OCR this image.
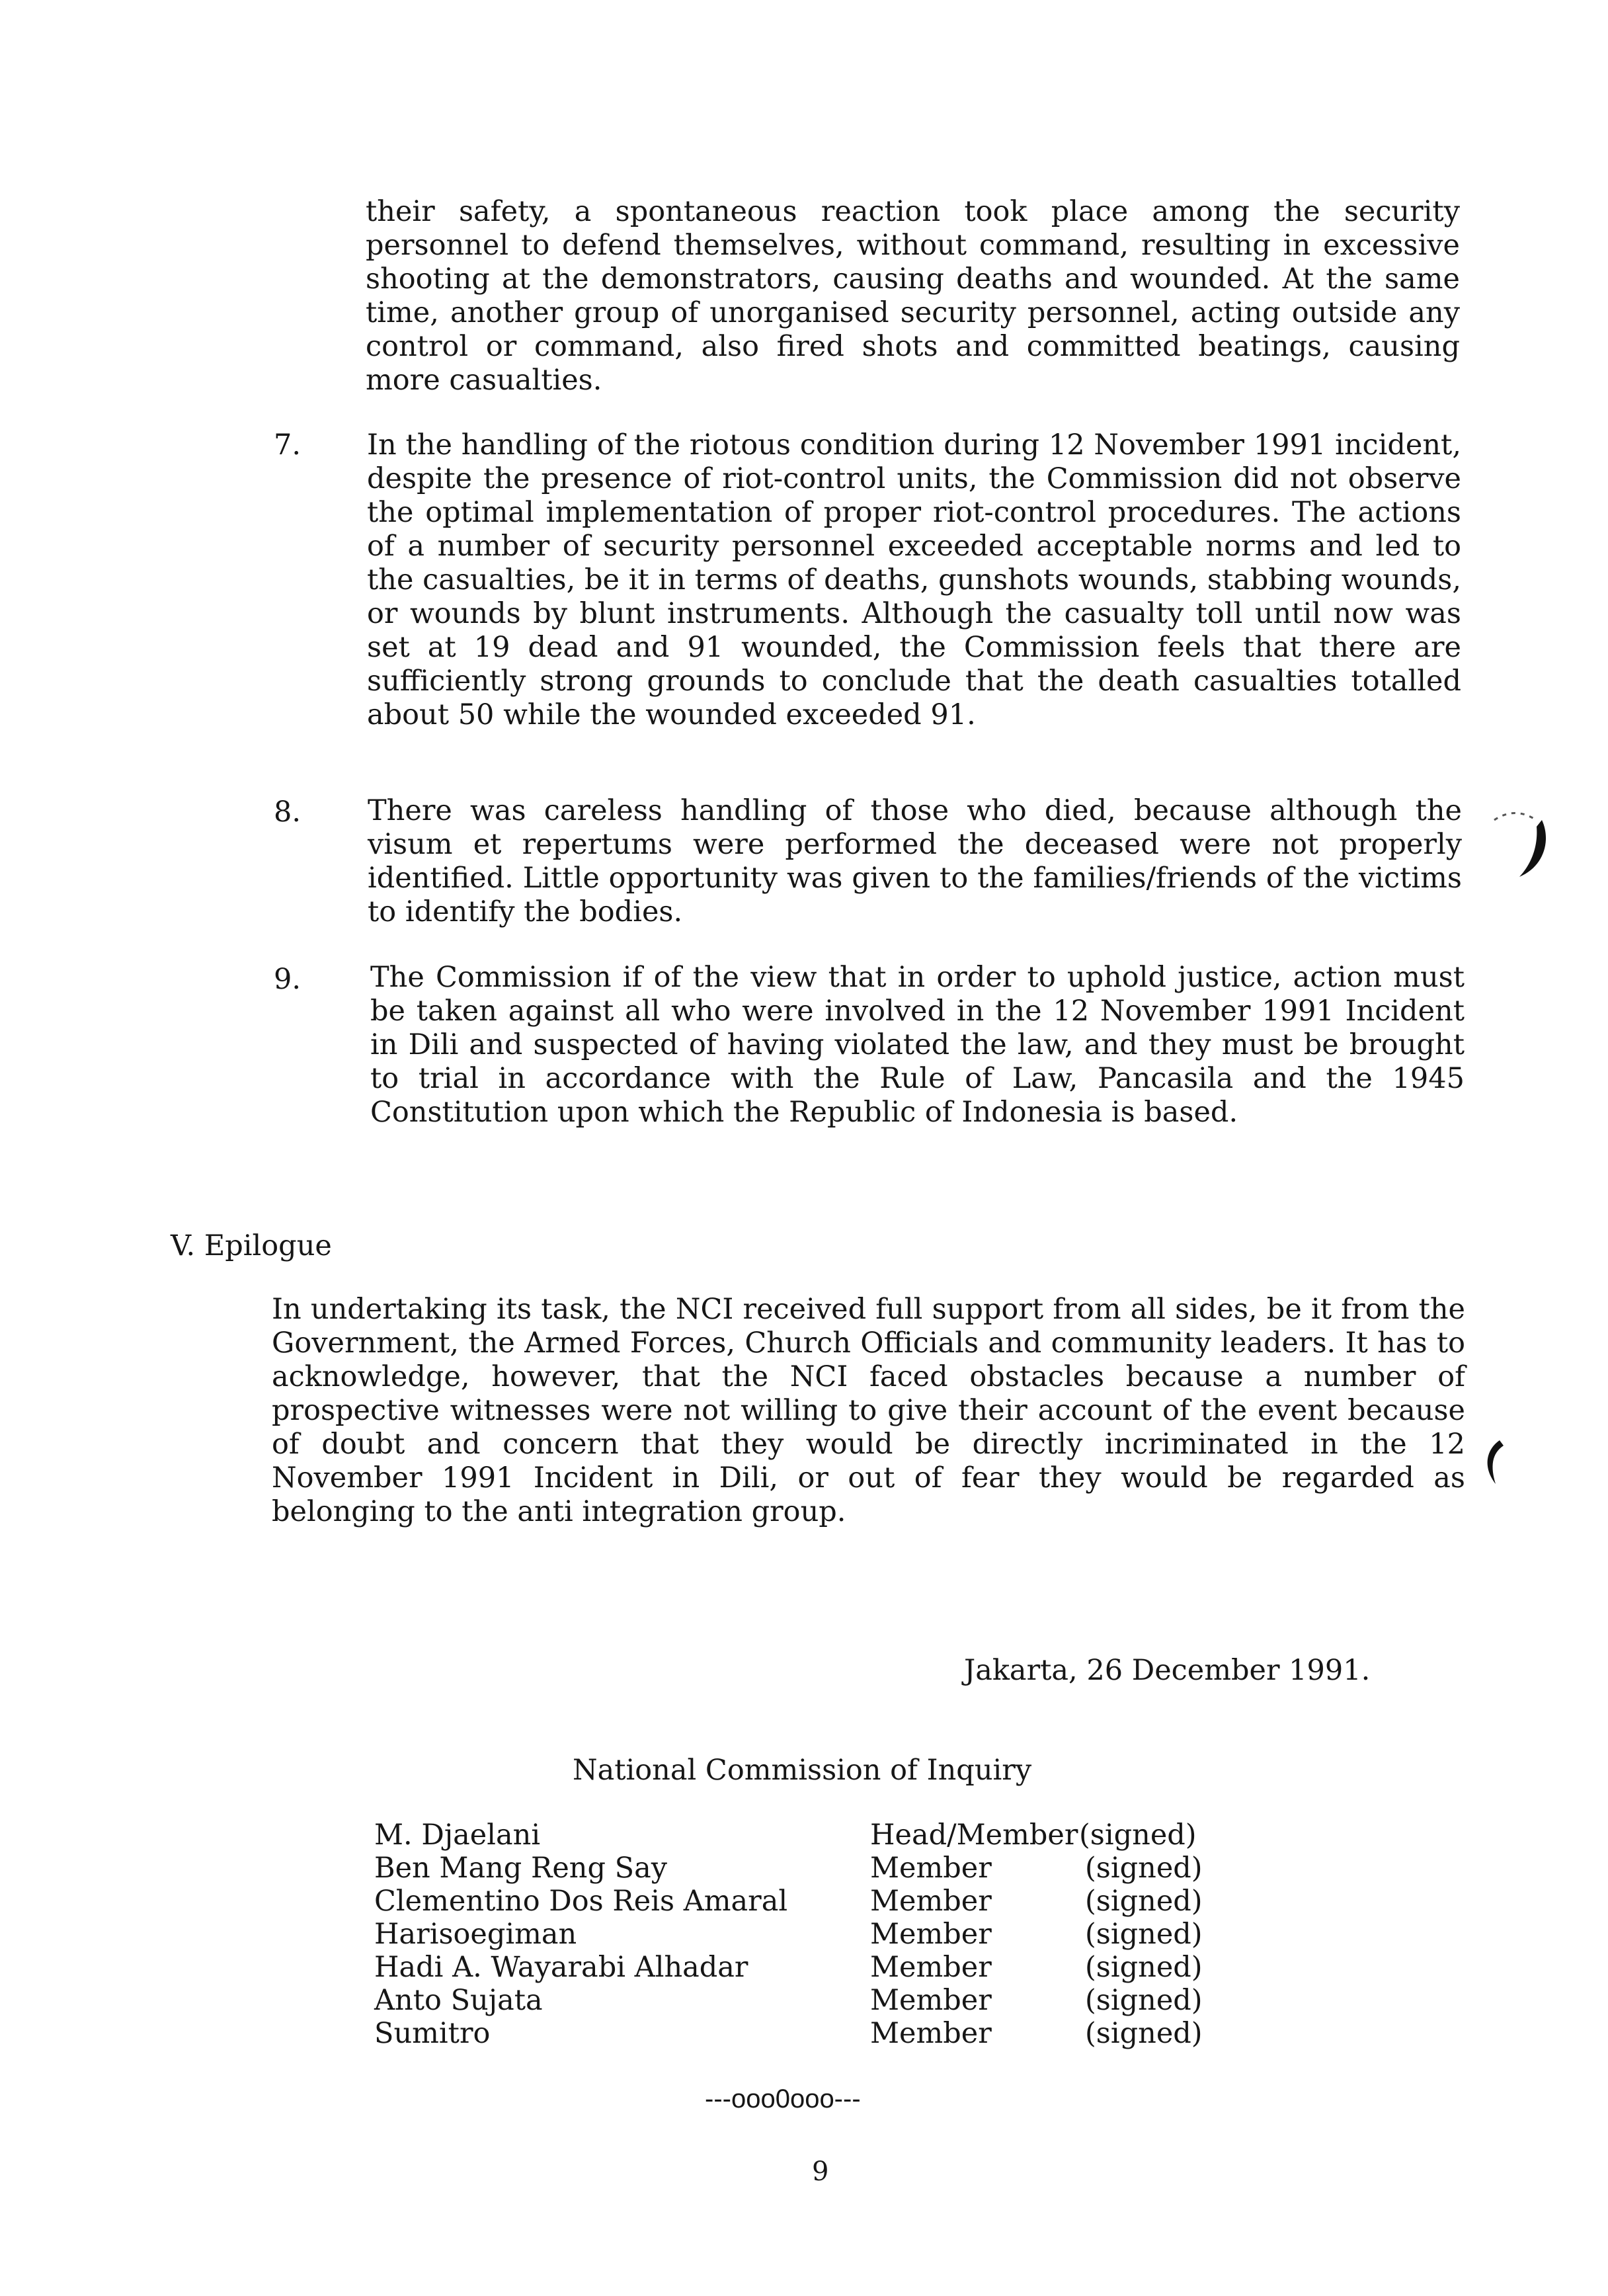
their safety, a spontaneous reaction took place among the security personnel to defend themselves, without command, resulting in excessive shooting at the demonstrators, causing deaths and wounded. At the same time, another group of unorganised security personnel, acting outside any control or command, also fired shots and committed beatings, causing more casualties.

7. In the handling of the riotous condition during 12 November 1991 incident, despite the presence of riot-control units, the Commission did not observe the optimal implementation of proper riot-control procedures. The actions of a number of security personnel exceeded acceptable norms and led to the casualties, be it in terms of deaths, gunshots wounds, stabbing wounds, or wounds by blunt instruments. Although the casualty toll until now was set at 19 dead and 91 wounded, the Commission feels that there are sufficiently strong grounds to conclude that the death casualties totalled about 50 while the wounded exceeded 91.

8. There was careless handling of those who died, because although the visum et repertums were performed the deceased were not properly identified. Little opportunity was given to the families/friends of the victims to identify the bodies.

9. The Commission if of the view that in order to uphold justice, action must be taken against all who were involved in the 12 November 1991 Incident in Dili and suspected of having violated the law, and they must be brought to trial in accordance with the Rule of Law, Pancasila and the 1945 Constitution upon which the Republic of Indonesia is based.

V. Epilogue

In undertaking its task, the NCI received full support from all sides, be it from the Government, the Armed Forces, Church Officials and community leaders. It has to acknowledge, however, that the NCI faced obstacles because a number of prospective witnesses were not willing to give their account of the event because of doubt and concern that they would be directly incriminated in the 12 November 1991 Incident in Dili, or out of fear they would be regarded as belonging to the anti integration group.

Jakarta, 26 December 1991.
National Commission of Inquiry
M. Djaelani	Head/Member (signed)
Ben Mang Reng Say	Member	(signed)
Clementino Dos Reis Amaral	Member	(signed)
Harisoegiman	Member	(signed)
Hadi A. Wayarabi Alhadar	Member	(signed)
Anto Sujata	Member	(signed)
Sumitro	Member	(signed)
---ooo0ooo---
9
